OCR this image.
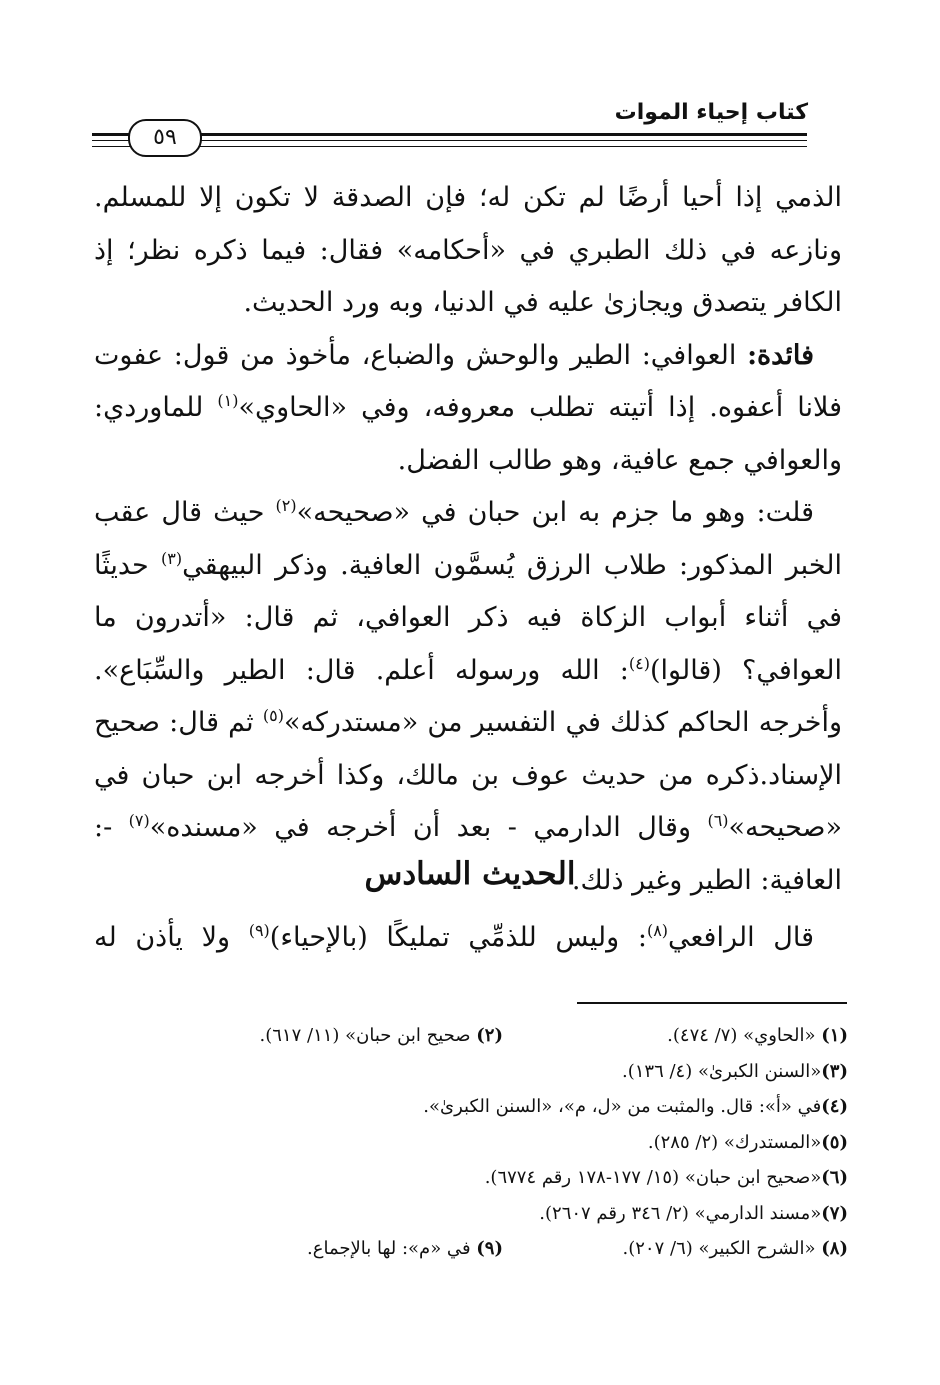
كتاب إحياء الموات
٥٩

الذمي إذا أحيا أرضًا لم تكن له؛ فإن الصدقة لا تكون إلا للمسلم. ونازعه في ذلك الطبري في «أحكامه» فقال: فيما ذكره نظر؛ إذ الكافر يتصدق ويجازىٰ عليه في الدنيا، وبه ورد الحديث.

فائدة: العوافي: الطير والوحش والضباع، مأخوذ من قول: عفوت فلانا أعفوه. إذا أتيته تطلب معروفه، وفي «الحاوي»$^{(١)}$ للماوردي: والعوافي جمع عافية، وهو طالب الفضل.

قلت: وهو ما جزم به ابن حبان في «صحيحه»$^{(٢)}$ حيث قال عقب الخبر المذكور: طلاب الرزق يُسمَّون العافية. وذكر البيهقي$^{(٣)}$ حديثًا في أثناء أبواب الزكاة فيه ذكر العوافي، ثم قال: «أتدرون ما العوافي؟ (قالوا)$^{(٤)}$: الله ورسوله أعلم. قال: الطير والسِّبَاع». وأخرجه الحاكم كذلك في التفسير من «مستدركه»$^{(٥)}$ ثم قال: صحيح الإسناد.ذكره من حديث عوف بن مالك، وكذا أخرجه ابن حبان في «صحيحه»$^{(٦)}$ وقال الدارمي - بعد أن أخرجه في «مسنده»$^{(٧)}$ -: العافية: الطير وغير ذلك.

الحديث السادس
قال الرافعي$^{(٨)}$: وليس للذمِّي تمليكًا (بالإحياء)$^{(٩)}$ ولا يأذن له
(١) «الحاوي» (٧/ ٤٧٤).
(٢) صحيح ابن حبان» (١١/ ٦١٧).
(٣)
«السنن الكبرىٰ» (٤/ ١٣٦).
(٤)
في «أ»: قال. والمثبت من «ل، م»، «السنن الكبرىٰ».
(٥)
«المستدرك» (٢/ ٢٨٥).
(٦)
«صحيح ابن حبان» (١٥/ ١٧٧-١٧٨ رقم ٦٧٧٤).
(٧)
«مسند الدارمي» (٢/ ٣٤٦ رقم ٢٦٠٧).
(٨) «الشرح الكبير» (٦/ ٢٠٧).
(٩) في «م»: لها بالإجماع.
